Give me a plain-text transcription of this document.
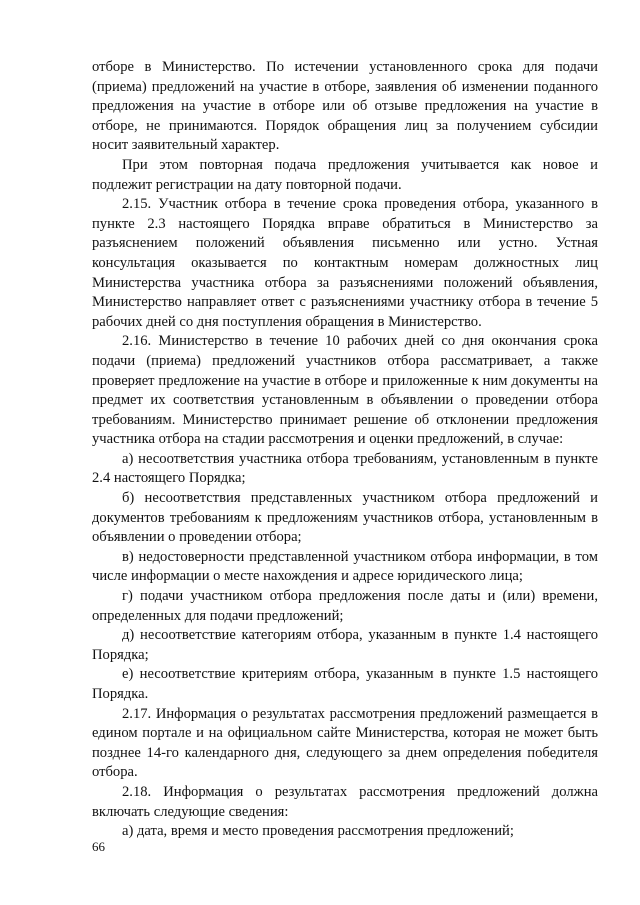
отборе в Министерство. По истечении установленного срока для подачи (приема) предложений на участие в отборе, заявления об изменении поданного предложения на участие в отборе или об отзыве предложения на участие в отборе, не принимаются. Порядок обращения лиц за получением субсидии носит заявительный характер.

При этом повторная подача предложения учитывается как новое и подлежит регистрации на дату повторной подачи.

2.15. Участник отбора в течение срока проведения отбора, указанного в пункте 2.3 настоящего Порядка вправе обратиться в Министерство за разъяснением положений объявления письменно или устно. Устная консультация оказывается по контактным номерам должностных лиц Министерства участника отбора за разъяснениями положений объявления, Министерство направляет ответ с разъяснениями участнику отбора в течение 5 рабочих дней со дня поступления обращения в Министерство.

2.16. Министерство в течение 10 рабочих дней со дня окончания срока подачи (приема) предложений участников отбора рассматривает, а также проверяет предложение на участие в отборе и приложенные к ним документы на предмет их соответствия установленным в объявлении о проведении отбора требованиям. Министерство принимает решение об отклонении предложения участника отбора на стадии рассмотрения и оценки предложений, в случае:

а) несоответствия участника отбора требованиям, установленным в пункте 2.4 настоящего Порядка;

б) несоответствия представленных участником отбора предложений и документов требованиям к предложениям участников отбора, установленным в объявлении о проведении отбора;

в) недостоверности представленной участником отбора информации, в том числе информации о месте нахождения и адресе юридического лица;

г) подачи участником отбора предложения после даты и (или) времени, определенных для подачи предложений;

д) несоответствие категориям отбора, указанным в пункте 1.4 настоящего Порядка;

е) несоответствие критериям отбора, указанным в пункте 1.5 настоящего Порядка.

2.17. Информация о результатах рассмотрения предложений размещается в едином портале и на официальном сайте Министерства, которая не может быть позднее 14-го календарного дня, следующего за днем определения победителя отбора.

2.18. Информация о результатах рассмотрения предложений должна включать следующие сведения:

а) дата, время и место проведения рассмотрения предложений;

66
